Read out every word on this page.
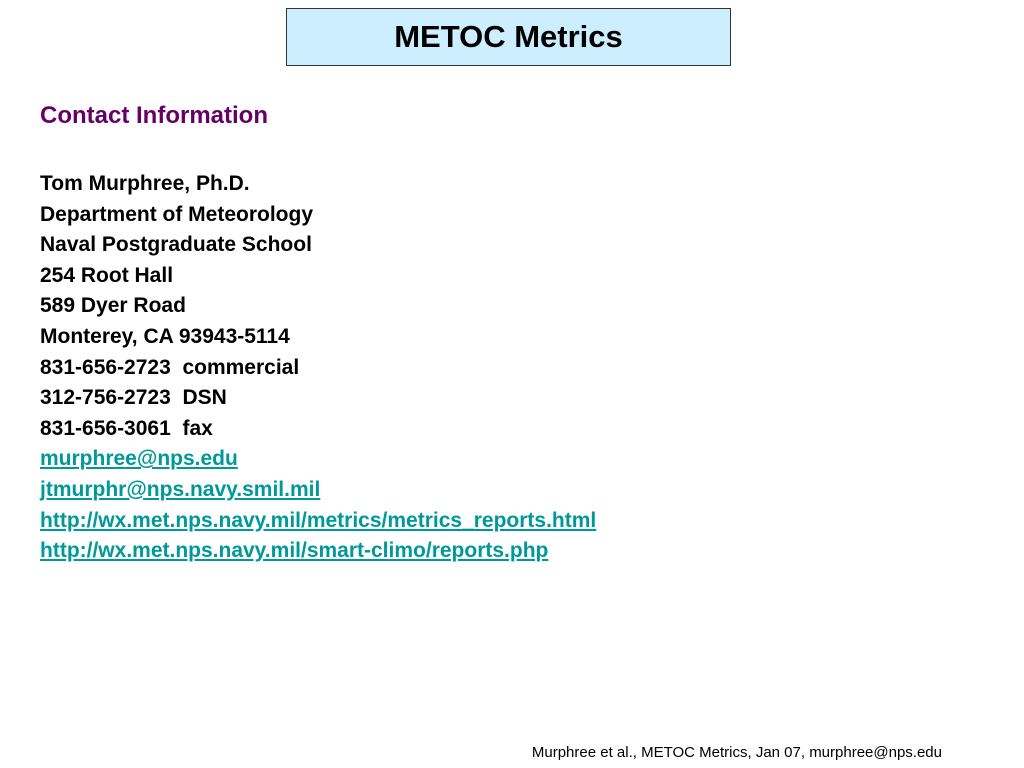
METOC Metrics
Contact Information
Tom Murphree, Ph.D.
Department of Meteorology
Naval Postgraduate School
254 Root Hall
589 Dyer Road
Monterey, CA 93943-5114
831-656-2723  commercial
312-756-2723  DSN
831-656-3061  fax
murphree@nps.edu
jtmurphr@nps.navy.smil.mil
http://wx.met.nps.navy.mil/metrics/metrics_reports.html
http://wx.met.nps.navy.mil/smart-climo/reports.php
Murphree et al., METOC Metrics, Jan 07, murphree@nps.edu
